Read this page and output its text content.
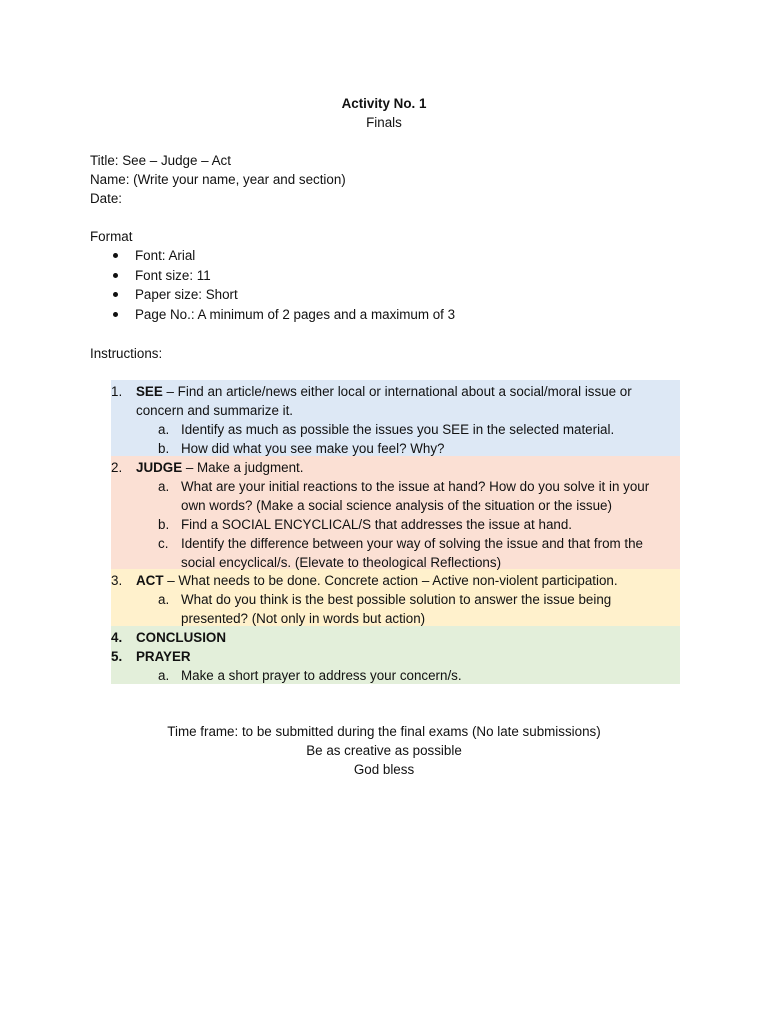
Activity No. 1
Finals
Title: See – Judge – Act
Name: (Write your name, year and section)
Date:
Format
Font: Arial
Font size: 11
Paper size: Short
Page No.: A minimum of 2 pages and a maximum of 3
Instructions:
1.	SEE – Find an article/news either local or international about a social/moral issue or
concern and summarize it.
a. Identify as much as possible the issues you SEE in the selected material.
b. How did what you see make you feel? Why?
2.	JUDGE – Make a judgment.
a. What are your initial reactions to the issue at hand? How do you solve it in your
own words? (Make a social science analysis of the situation or the issue)
b. Find a SOCIAL ENCYCLICAL/S that addresses the issue at hand.
c. Identify the difference between your way of solving the issue and that from the
social encyclical/s. (Elevate to theological Reflections)
3.	ACT – What needs to be done. Concrete action – Active non-violent participation.
a. What do you think is the best possible solution to answer the issue being
presented? (Not only in words but action)
4.	CONCLUSION
5.	PRAYER
a. Make a short prayer to address your concern/s.
Time frame: to be submitted during the final exams (No late submissions)
Be as creative as possible
God bless
